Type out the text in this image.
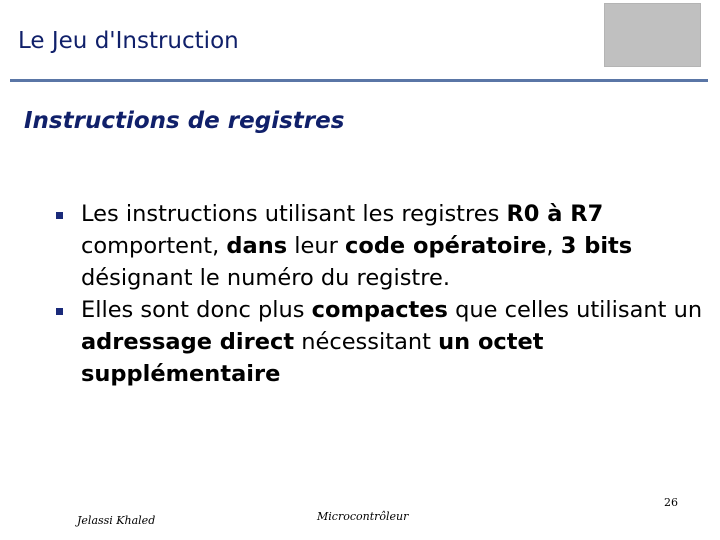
Le Jeu d'Instruction
Instructions de registres
Les instructions utilisant les registres R0 à R7 comportent, dans leur code opératoire, 3 bits désignant le numéro du registre.
Elles sont donc plus compactes que celles utilisant un adressage direct nécessitant un octet supplémentaire
Jelassi Khaled	Microcontrôleur
26
